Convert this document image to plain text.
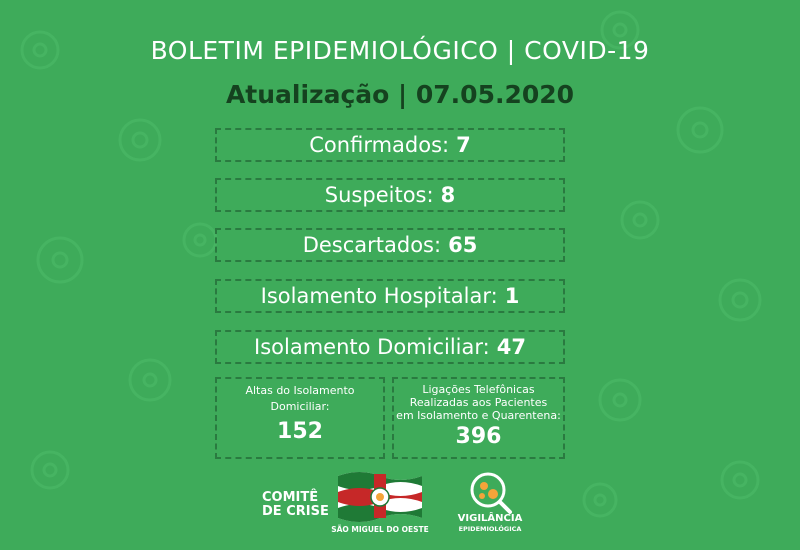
BOLETIM EPIDEMIOLÓGICO | COVID-19
Atualização | 07.05.2020
Confirmados: 7
Suspeitos: 8
Descartados: 65
Isolamento Hospitalar: 1
Isolamento Domiciliar: 47
Altas do Isolamento
Domiciliar:
152
Ligações Telefônicas
Realizadas aos Pacientes
em Isolamento e Quarentena:
396
COMITÊ
DE CRISE
SÃO MIGUEL DO OESTE
VIGILÂNCIA
EPIDEMIOLÓGICA
